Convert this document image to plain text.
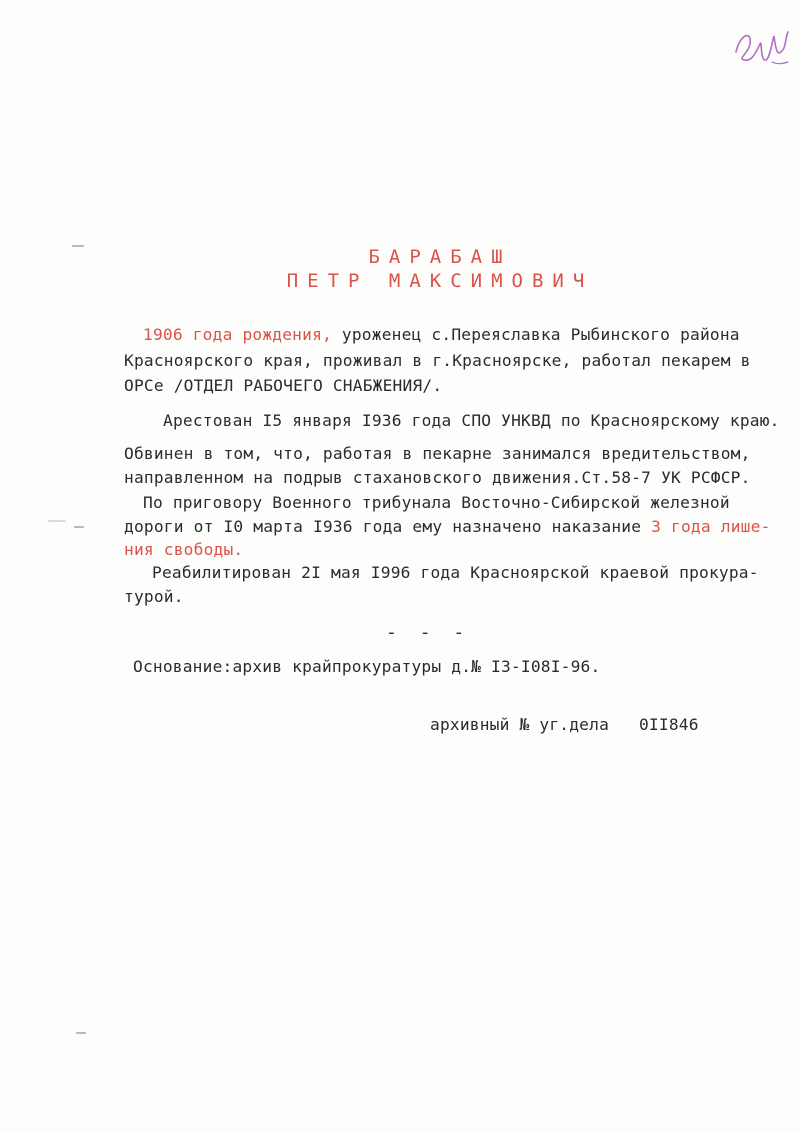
БАРАБАШ
ПЕТР МАКСИМОВИЧ
1906 года рождения, уроженец с.Переяславка Рыбинского района
Красноярского края, проживал в г.Красноярске, работал пекарем в
ОРСе /ОТДЕЛ РАБОЧЕГО СНАБЖЕНИЯ/.
Арестован I5 января I936 года СПО УНКВД по Красноярскому краю.
Обвинен в том, что, работая в пекарне занимался вредительством,
направленном на подрыв стахановского движения.Ст.58-7 УК РСФСР.
По приговору Военного трибунала Восточно-Сибирской железной
дороги от I0 марта I936 года ему назначено наказание 3 года лише-
ния свободы.
Реабилитирован 2I мая I996 года Красноярской краевой прокура-
турой.
- - -
Основание:архив крайпрокуратуры д.№ I3-I08I-96.
архивный № уг.дела 0II846
